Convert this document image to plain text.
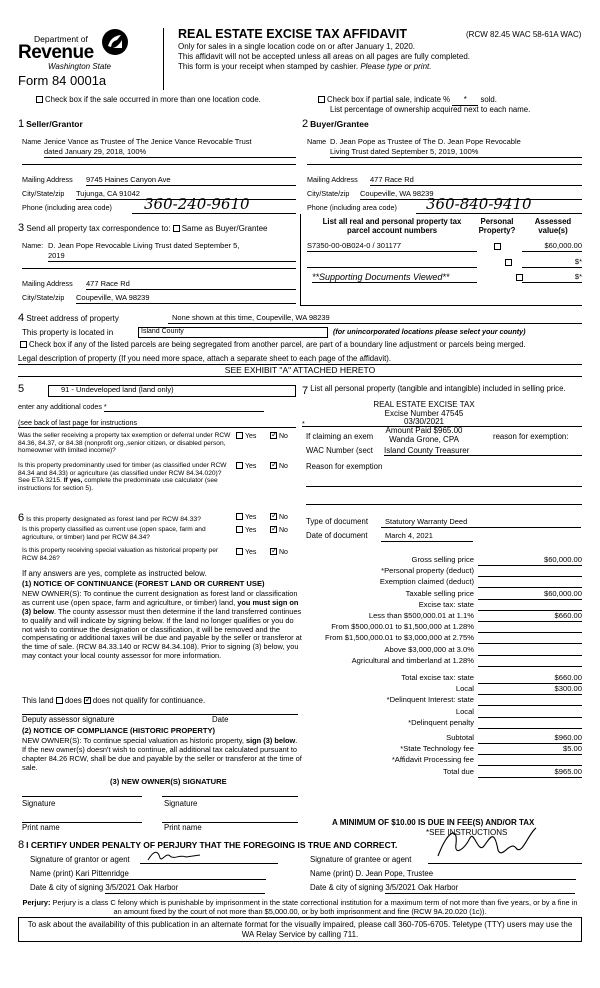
Department of
Revenue
Washington State
Form 84 0001a
REAL ESTATE EXCISE TAX AFFIDAVIT	(RCW 82.45 WAC 58-61A WAC)
Only for sales in a single location code on or after January 1, 2020.
This affidavit will not be accepted unless all areas on all pages are fully completed.
This form is your receipt when stamped by cashier. Please type or print.
Check box if the sale occurred in more than one location code.	Check box if partial sale, indicate % * sold.
List percentage of ownership acquired next to each name.
1 Seller/Grantor
Name Jenice Vance as Trustee of The Jenice Vance Revocable Trust
dated January 29, 2018, 100%
Mailing Address 9745 Haines Canyon Ave
City/State/zip Tujunga, CA 91042
Phone (including area code)	360-240-9610
2 Buyer/Grantee
Name D. Jean Pope as Trustee of The D. Jean Pope Revocable
Living Trust dated September 5, 2019, 100%
Mailing Address 477 Race Rd
City/State/zip Coupeville, WA 98239
Phone (including area code)	360-840-9410
3 Send all property tax correspondence to: Same as Buyer/Grantee
Name: D. Jean Pope Revocable Living Trust dated September 5,
2019
Mailing Address 477 Race Rd
City/State/zip Coupeville, WA 98239
List all real and personal property tax
parcel account numbers
Personal
Property?
Assessed
value(s)
S7350-00-0B024-0 / 301177
	$60,000.00

$*
**Supporting Documents Viewed**	$*
4 Street address of property	None shown at this time, Coupeville, WA 98239
This property is located in	Island County	(for unincorporated locations please select your county)
Check box if any of the listed parcels are being segregated from another parcel, are part of a boundary line adjustment or parcels being merged.
Legal description of property (If you need more space, attach a separate sheet to each page of the affidavit).
SEE EXHIBIT "A" ATTACHED HERETO
5	91 - Undeveloped land (land only)
enter any additional codes *
(see back of last page for instructions
Was the seller receiving a property tax exemption or deferral under RCW 84.36, 84.37, or 84.38 (nonprofit org.,senior citizen, or disabled person, homeowner with limited income)?
Yes ✓	No
Is this property predominantly used for timber (as classified under RCW 84.34 and 84.33) or agriculture (as classified under RCW 84.34.020)? See ETA 3215. If yes, complete the predominate use calculator (see instructions for section 5).
Yes ✓	No
6 Is this property designated as forest land per RCW 84.33?	Yes ✓	No
Is this property classified as current use (open space, farm and agriculture, or timber) land per RCW 84.34?
Yes ✓	No
Is this property receiving special valuation as historical property per RCW 84.26?
Yes ✓	No
If any answers are yes, complete as instructed below.
(1) NOTICE OF CONTINUANCE (FOREST LAND OR CURRENT USE)
NEW OWNER(S): To continue the current designation as forest land or classification as current use (open space, farm and agriculture, or timber) land, you must sign on (3) below. The county assessor must then determine if the land transferred continues to qualify and will indicate by signing below. If the land no longer qualifies or you do not wish to continue the designation or classification, it will be removed and the compensating or additional taxes will be due and payable by the seller or transferor at the time of sale. (RCW 84.33.140 or RCW 84.34.108). Prior to signing (3) below, you may contact your local county assessor for more information.
This land does ✓ does not qualify for continuance.
Deputy assessor signature	Date
(2) NOTICE OF COMPLIANCE (HISTORIC PROPERTY)
NEW OWNER(S): To continue special valuation as historic property, sign (3) below. If the new owner(s) doesn't wish to continue, all additional tax calculated pursuant to chapter 84.26 RCW, shall be due and payable by the seller or transferor at the time of sale.
(3) NEW OWNER(S) SIGNATURE
Signature	Signature
Print name	Print name
7 List all personal property (tangible and intangible) included in selling price.
*
REAL ESTATE EXCISE TAX
Excise Number 47545
03/30/2021
Amount Paid $965.00
Wanda Grone, CPA
If claiming an exem	reason for exemption:
WAC Number (sect Island County Treasurer
Reason for exemption
Type of document	Statutory Warranty Deed
Date of document	March 4, 2021
Gross selling price	$60,000.00
*Personal property (deduct)
Exemption claimed (deduct)
Taxable selling price	$60,000.00
Excise tax: state
Less than $500,000.01 at 1.1%	$660.00
From $500,000.01 to $1,500,000 at 1.28%
From $1,500,000.01 to $3,000,000 at 2.75%
Above $3,000,000 at 3.0%
Agricultural and timberland at 1.28%
Total excise tax: state	$660.00
Local	$300.00
*Delinquent Interest: state
Local
*Delinquent penalty
Subtotal	$960.00
*State Technology fee	$5.00
*Affidavit Processing fee
Total due	$965.00
A MINIMUM OF $10.00 IS DUE IN FEE(S) AND/OR TAX
*SEE INSTRUCTIONS
8 I CERTIFY UNDER PENALTY OF PERJURY THAT THE FOREGOING IS TRUE AND CORRECT.
Signature of grantor or agent
Name (print) Kari Pittenridge
Date & city of signing 3/5/2021 Oak Harbor
Signature of grantee or agent
Name (print) D. Jean Pope, Trustee
Date & city of signing 3/5/2021 Oak Harbor
Perjury: Perjury is a class C felony which is punishable by imprisonment in the state correctional institution for a maximum term of not more than five years, or by a fine in an amount fixed by the court of not more than $5,000.00, or by both imprisonment and fine (RCW 9A.20.020 (1c)).
To ask about the availability of this publication in an alternate format for the visually impaired, please call 360-705-6705. Teletype (TTY) users may use the WA Relay Service by calling 711.
